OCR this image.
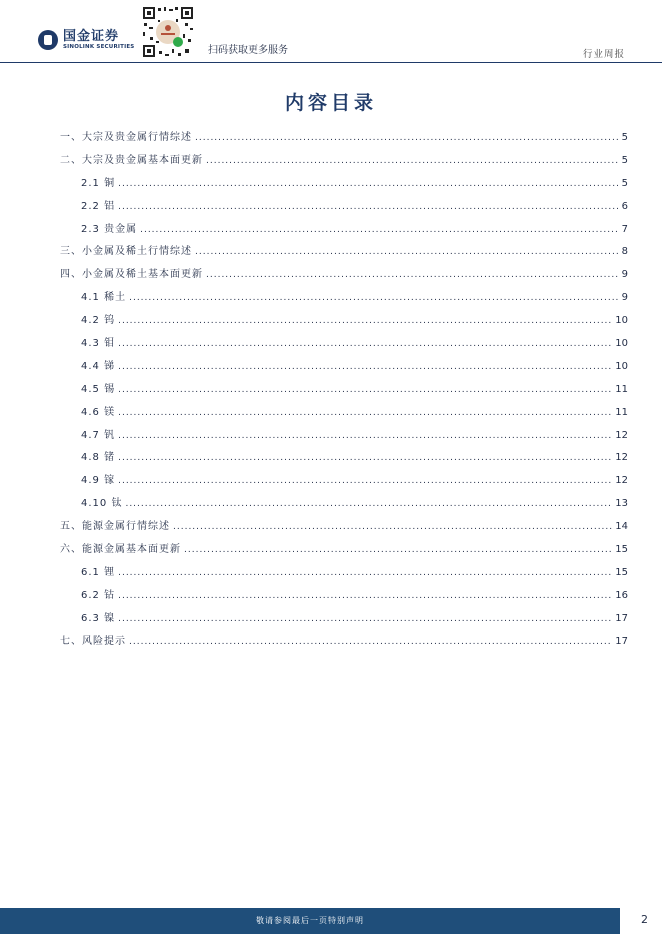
国金证券
SINOLINK SECURITIES	扫码获取更多服务	行业周报
内容目录
一、大宗及贵金属行情综述 .....	5
二、大宗及贵金属基本面更新 .....	5
2.1 铜 .....	5
2.2 铝 .....	6
2.3 贵金属 .....	7
三、小金属及稀土行情综述 .....	8
四、小金属及稀土基本面更新 .....	9
4.1 稀土 .....	9
4.2 钨 .....	10
4.3 钼 .....	10
4.4 锑 .....	10
4.5 锡 .....	11
4.6 镁 .....	11
4.7 钒 .....	12
4.8 锗 .....	12
4.9 镓 .....	12
4.10 钛 .....	13
五、能源金属行情综述 .....	14
六、能源金属基本面更新 .....	15
6.1 锂 .....	15
6.2 钴 .....	16
6.3 镍 .....	17
七、风险提示 .....	17
敬请参阅最后一页特别声明	2
